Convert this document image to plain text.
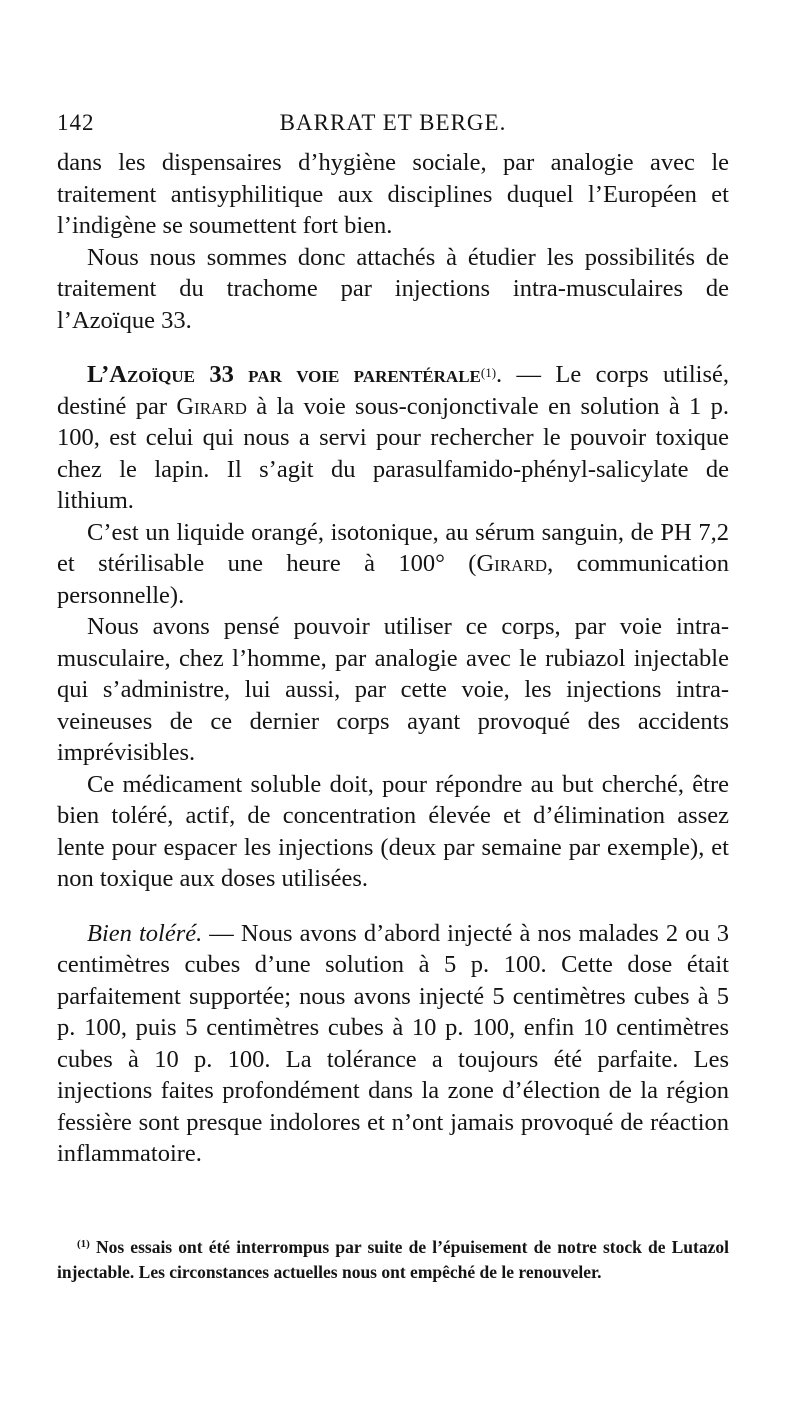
142	BARRAT ET BERGE.

dans les dispensaires d’hygiène sociale, par analogie avec le traitement antisyphilitique aux disciplines duquel l’Européen et l’indigène se soumettent fort bien.

Nous nous sommes donc attachés à étudier les possibilités de traitement du trachome par injections intra-musculaires de l’Azoïque 33.

L’Azoïque 33 par voie parentérale$^{(1)}$. — Le corps utilisé, destiné par Girard à la voie sous-conjonctivale en solution à 1 p. 100, est celui qui nous a servi pour rechercher le pouvoir toxique chez le lapin. Il s’agit du parasulfamido-phényl-salicylate de lithium.

C’est un liquide orangé, isotonique, au sérum sanguin, de PH 7,2 et stérilisable une heure à 100° (Girard, communication personnelle).

Nous avons pensé pouvoir utiliser ce corps, par voie intra-musculaire, chez l’homme, par analogie avec le rubiazol injectable qui s’administre, lui aussi, par cette voie, les injections intra-veineuses de ce dernier corps ayant provoqué des accidents imprévisibles.

Ce médicament soluble doit, pour répondre au but cherché, être bien toléré, actif, de concentration élevée et d’élimination assez lente pour espacer les injections (deux par semaine par exemple), et non toxique aux doses utilisées.

Bien toléré. — Nous avons d’abord injecté à nos malades 2 ou 3 centimètres cubes d’une solution à 5 p. 100. Cette dose était parfaitement supportée; nous avons injecté 5 centimètres cubes à 5 p. 100, puis 5 centimètres cubes à 10 p. 100, enfin 10 centimètres cubes à 10 p. 100. La tolérance a toujours été parfaite. Les injections faites profondément dans la zone d’élection de la région fessière sont presque indolores et n’ont jamais provoqué de réaction inflammatoire.

$^{(1)}$ Nos essais ont été interrompus par suite de l’épuisement de notre stock de Lutazol injectable. Les circonstances actuelles nous ont empêché de le renouveler.
